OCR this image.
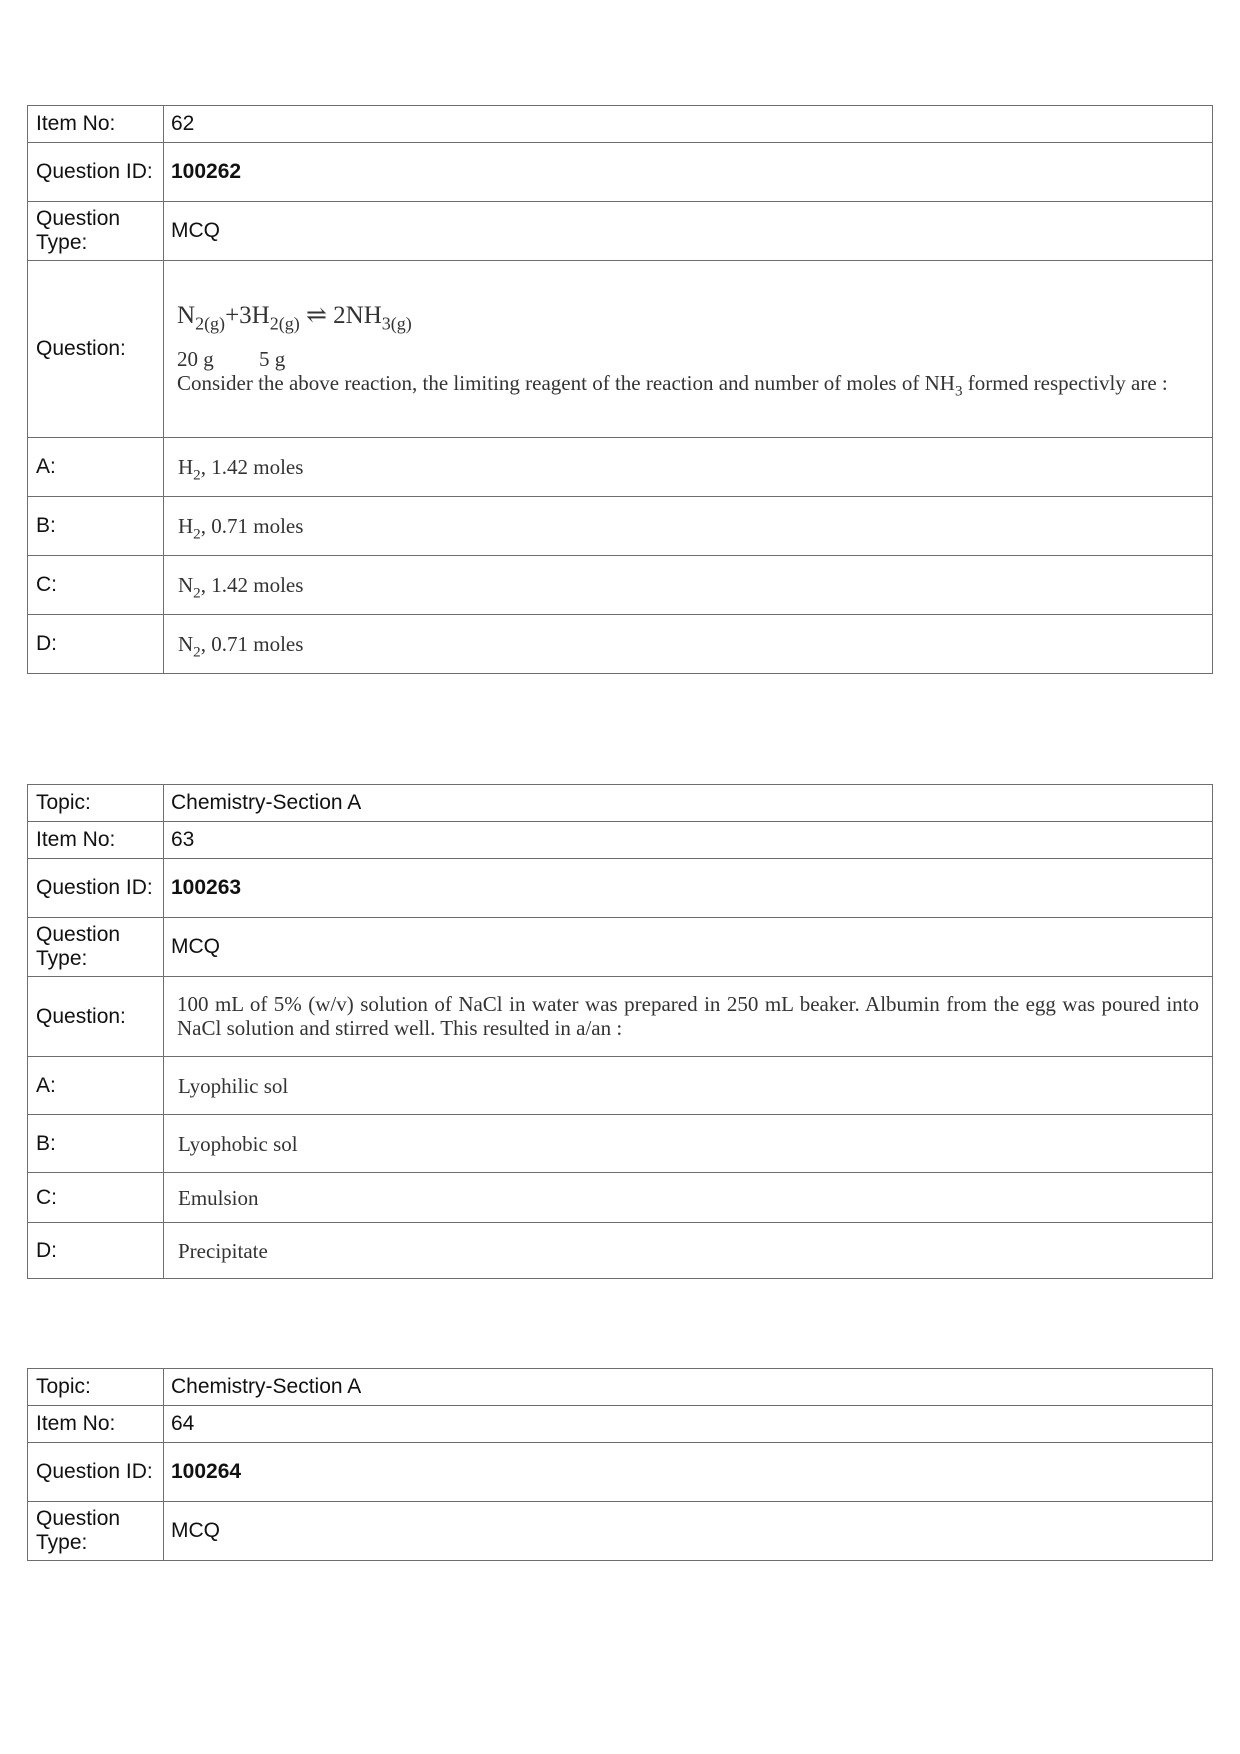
Item No:	62
Question ID:	100262
Question Type:	MCQ
Question:	$N_{2(g)}+3H_{2(g)}$ ⇌ $2NH_{3(g)}$
20 g 5 g
Consider the above reaction, the limiting reagent of the reaction and number of moles of $NH_3$ formed respectivly are :

A:	$H_2$, 1.42 moles
B:	$H_2$, 0.71 moles
C:	$N_2$, 1.42 moles
D:	$N_2$, 0.71 moles
Topic:	Chemistry-Section A
Item No:	63
Question ID:	100263
Question Type:	MCQ
Question:	100 mL of 5% (w/v) solution of NaCl in water was prepared in 250 mL beaker. Albumin from the egg was poured into NaCl solution and stirred well. This resulted in a/an :
A:	Lyophilic sol
B:	Lyophobic sol
C:	Emulsion
D:	Precipitate
Topic:	Chemistry-Section A
Item No:	64
Question ID:	100264
Question Type:	MCQ
